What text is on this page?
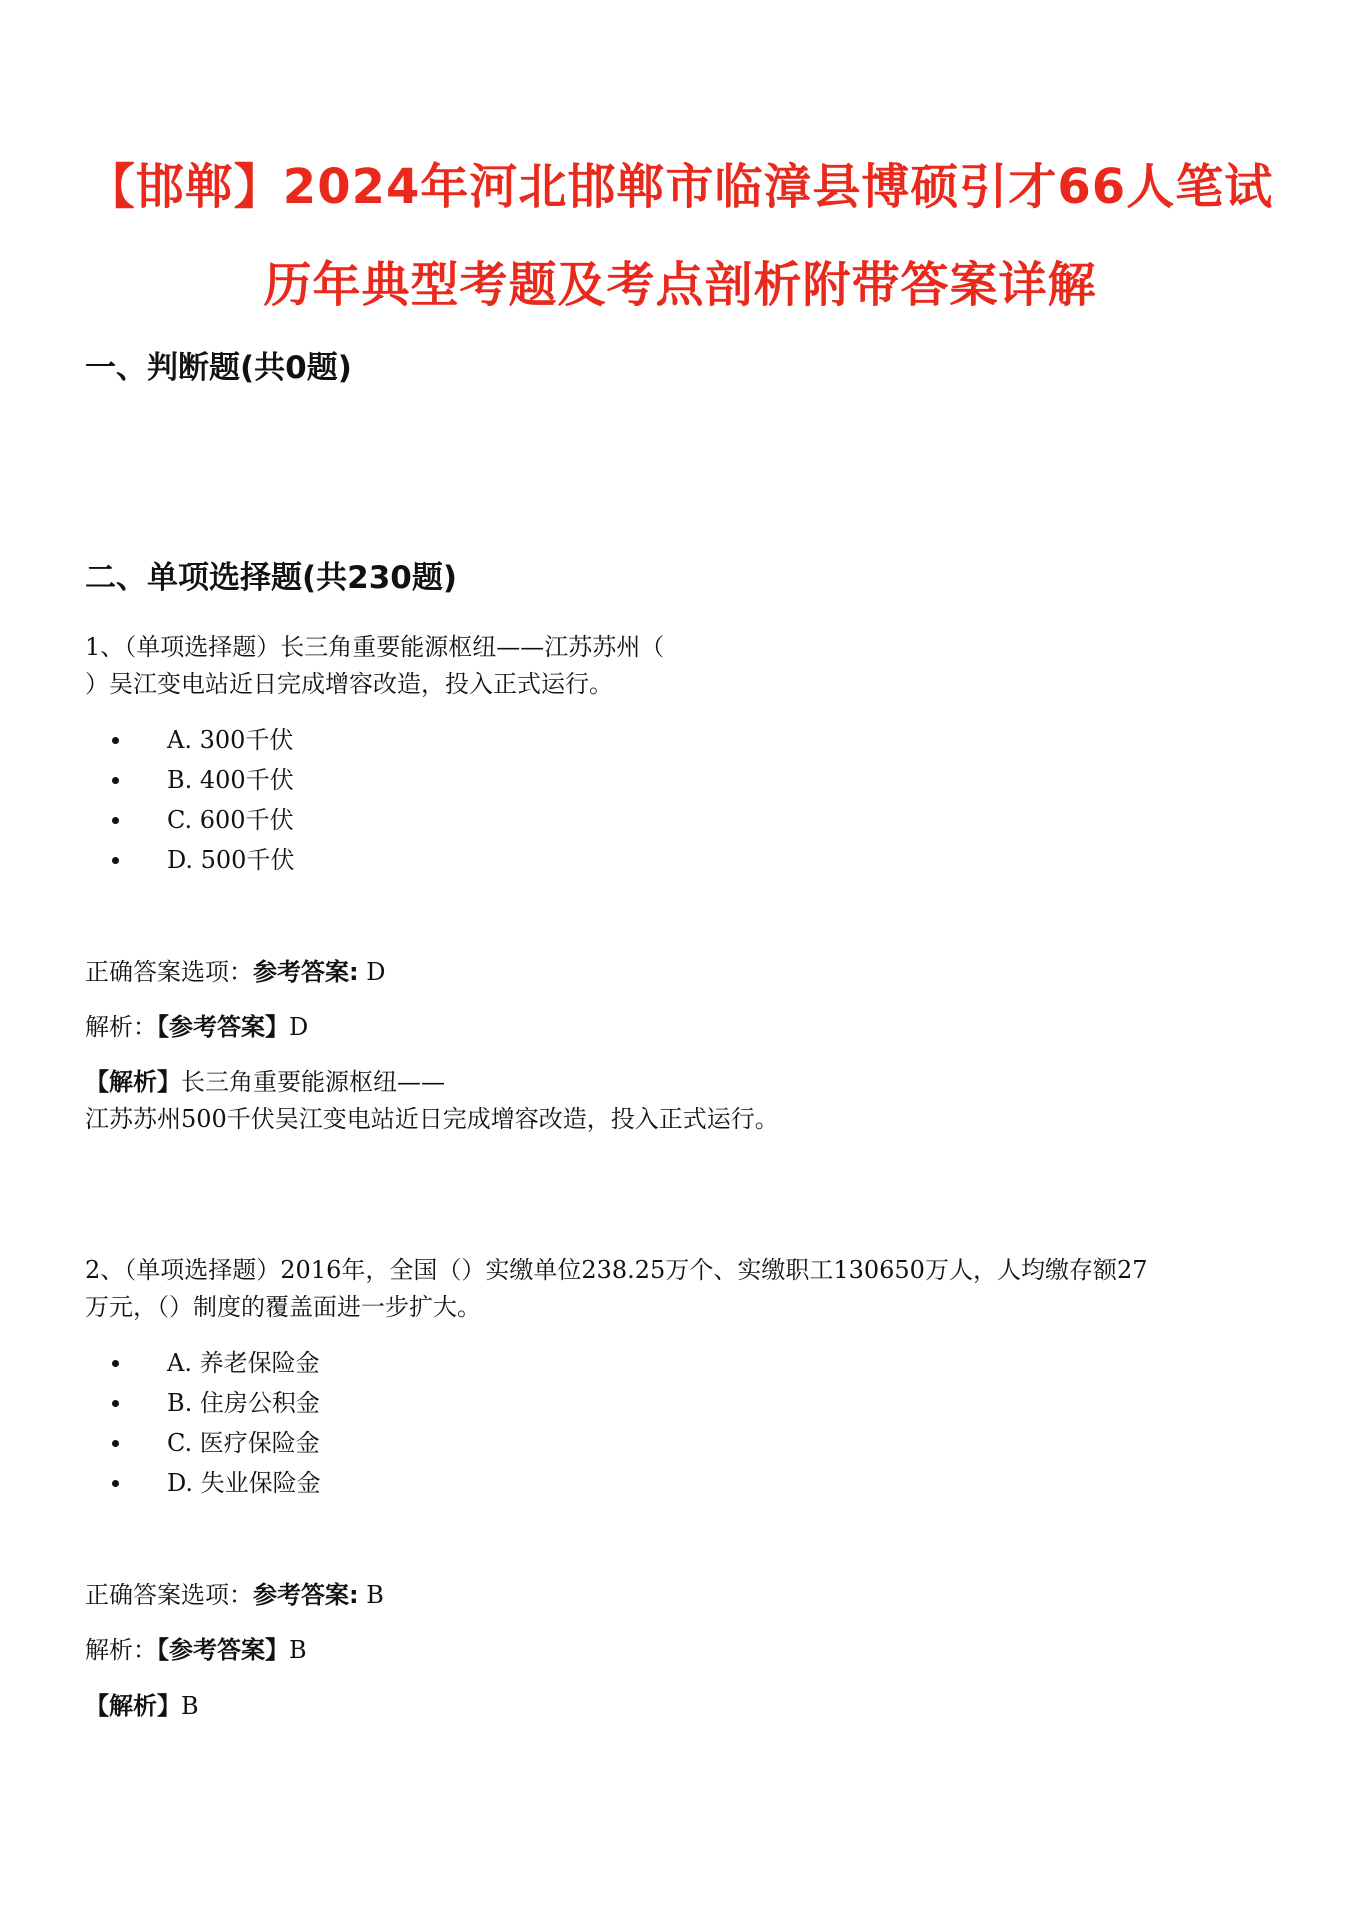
【邯郸】2024年河北邯郸市临漳县博硕引才66人笔试
历年典型考题及考点剖析附带答案详解
一、判断题(共0题)
二、单项选择题(共230题)
1、（单项选择题）长三角重要能源枢纽——江苏苏州（
）吴江变电站近日完成增容改造，投入正式运行。
A. 300千伏
B. 400千伏
C. 600千伏
D. 500千伏
正确答案选项：参考答案: D
解析：【参考答案】D
【解析】长三角重要能源枢纽——
江苏苏州500千伏吴江变电站近日完成增容改造，投入正式运行。
2、（单项选择题）2016年，全国（）实缴单位238.25万个、实缴职工130650万人，人均缴存额27
万元，（）制度的覆盖面进一步扩大。
A. 养老保险金
B. 住房公积金
C. 医疗保险金
D. 失业保险金
正确答案选项：参考答案: B
解析：【参考答案】B
【解析】B
